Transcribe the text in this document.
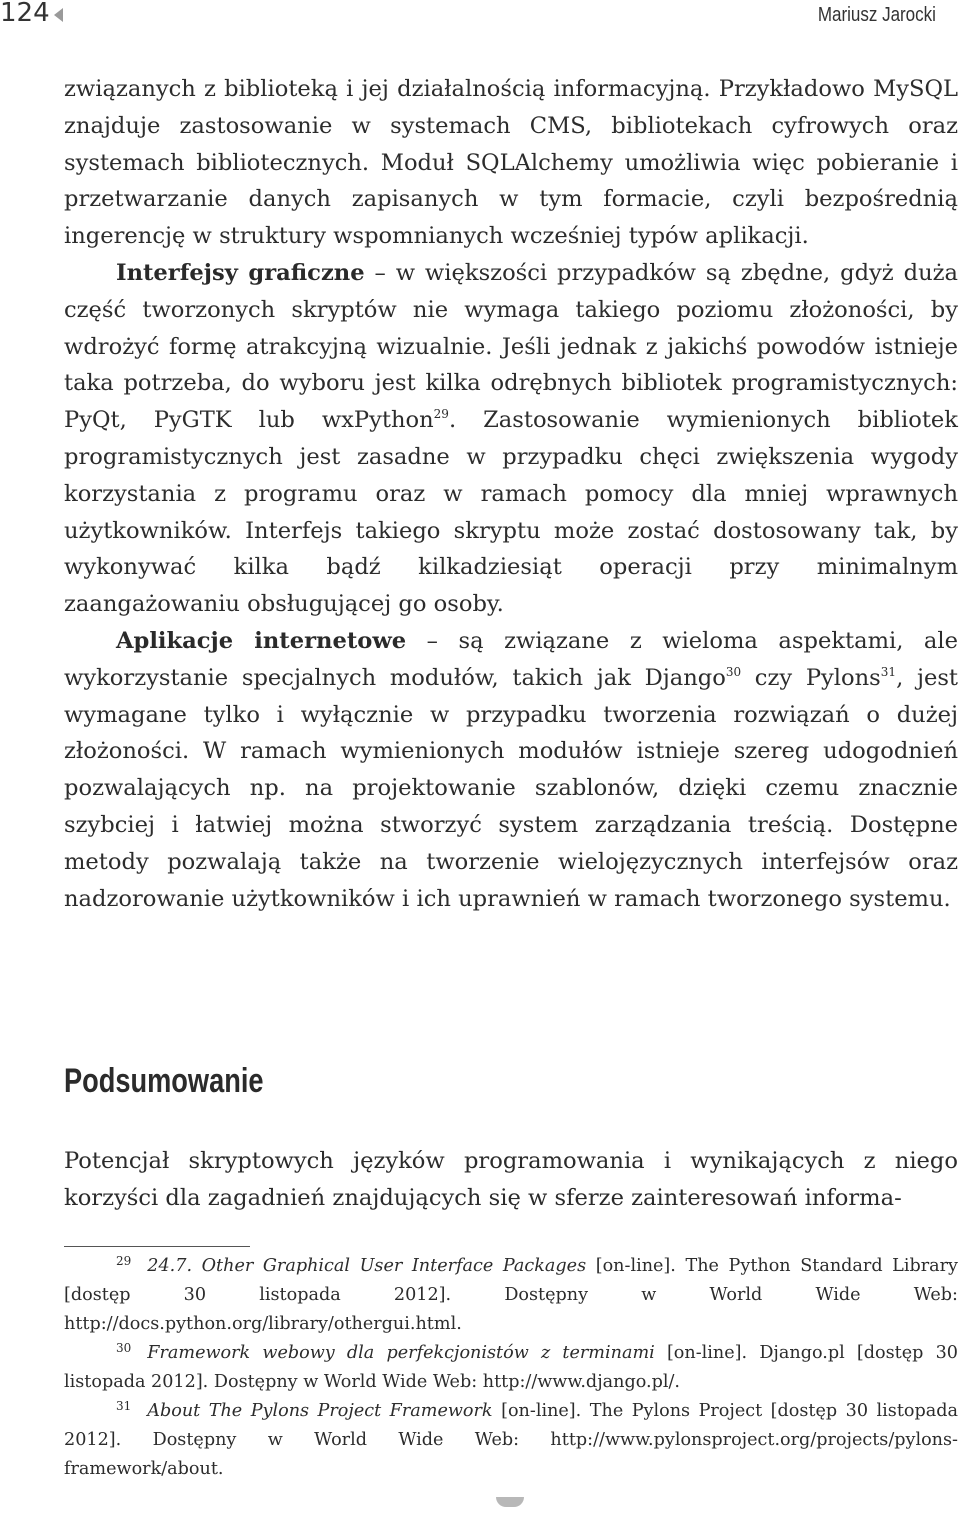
124	Mariusz Jarocki

związanych z biblioteką i jej działalnością informacyjną. Przykładowo MySQL znajduje zastosowanie w systemach CMS, bibliotekach cyfrowych oraz systemach bibliotecznych. Moduł SQLAlchemy umożliwia więc pobieranie i przetwarzanie danych zapisanych w tym formacie, czyli bezpośrednią ingerencję w struktury wspomnianych wcześniej typów aplikacji.

Interfejsy graficzne – w większości przypadków są zbędne, gdyż duża część tworzonych skryptów nie wymaga takiego poziomu złożoności, by wdrożyć formę atrakcyjną wizualnie. Jeśli jednak z jakichś powodów istnieje taka potrzeba, do wyboru jest kilka odrębnych bibliotek programistycznych: PyQt, PyGTK lub wxPython$^{29}$. Zastosowanie wymienionych bibliotek programistycznych jest zasadne w przypadku chęci zwiększenia wygody korzystania z programu oraz w ramach pomocy dla mniej wprawnych użytkowników. Interfejs takiego skryptu może zostać dostosowany tak, by wykonywać kilka bądź kilkadziesiąt operacji przy minimalnym zaangażowaniu obsługującej go osoby.

Aplikacje internetowe – są związane z wieloma aspektami, ale wykorzystanie specjalnych modułów, takich jak Django$^{30}$ czy Pylons$^{31}$, jest wymagane tylko i wyłącznie w przypadku tworzenia rozwiązań o dużej złożoności. W ramach wymienionych modułów istnieje szereg udogodnień pozwalających np. na projektowanie szablonów, dzięki czemu znacznie szybciej i łatwiej można stworzyć system zarządzania treścią. Dostępne metody pozwalają także na tworzenie wielojęzycznych interfejsów oraz nadzorowanie użytkowników i ich uprawnień w ramach tworzonego systemu.

Podsumowanie

Potencjał skryptowych języków programowania i wynikających z niego korzyści dla zagadnień znajdujących się w sferze zainteresowań informa-

$^{29}$ 24.7. Other Graphical User Interface Packages [on-line]. The Python Standard Library [dostęp 30 listopada 2012]. Dostępny w World Wide Web: http://docs.python.org/library/othergui.html.

$^{30}$ Framework webowy dla perfekcjonistów z terminami [on-line]. Django.pl [dostęp 30 listopada 2012]. Dostępny w World Wide Web: http://www.django.pl/.

$^{31}$ About The Pylons Project Framework [on-line]. The Pylons Project [dostęp 30 listopada 2012]. Dostępny w World Wide Web: http://www.pylonsproject.org/projects/pylons-framework/about.
